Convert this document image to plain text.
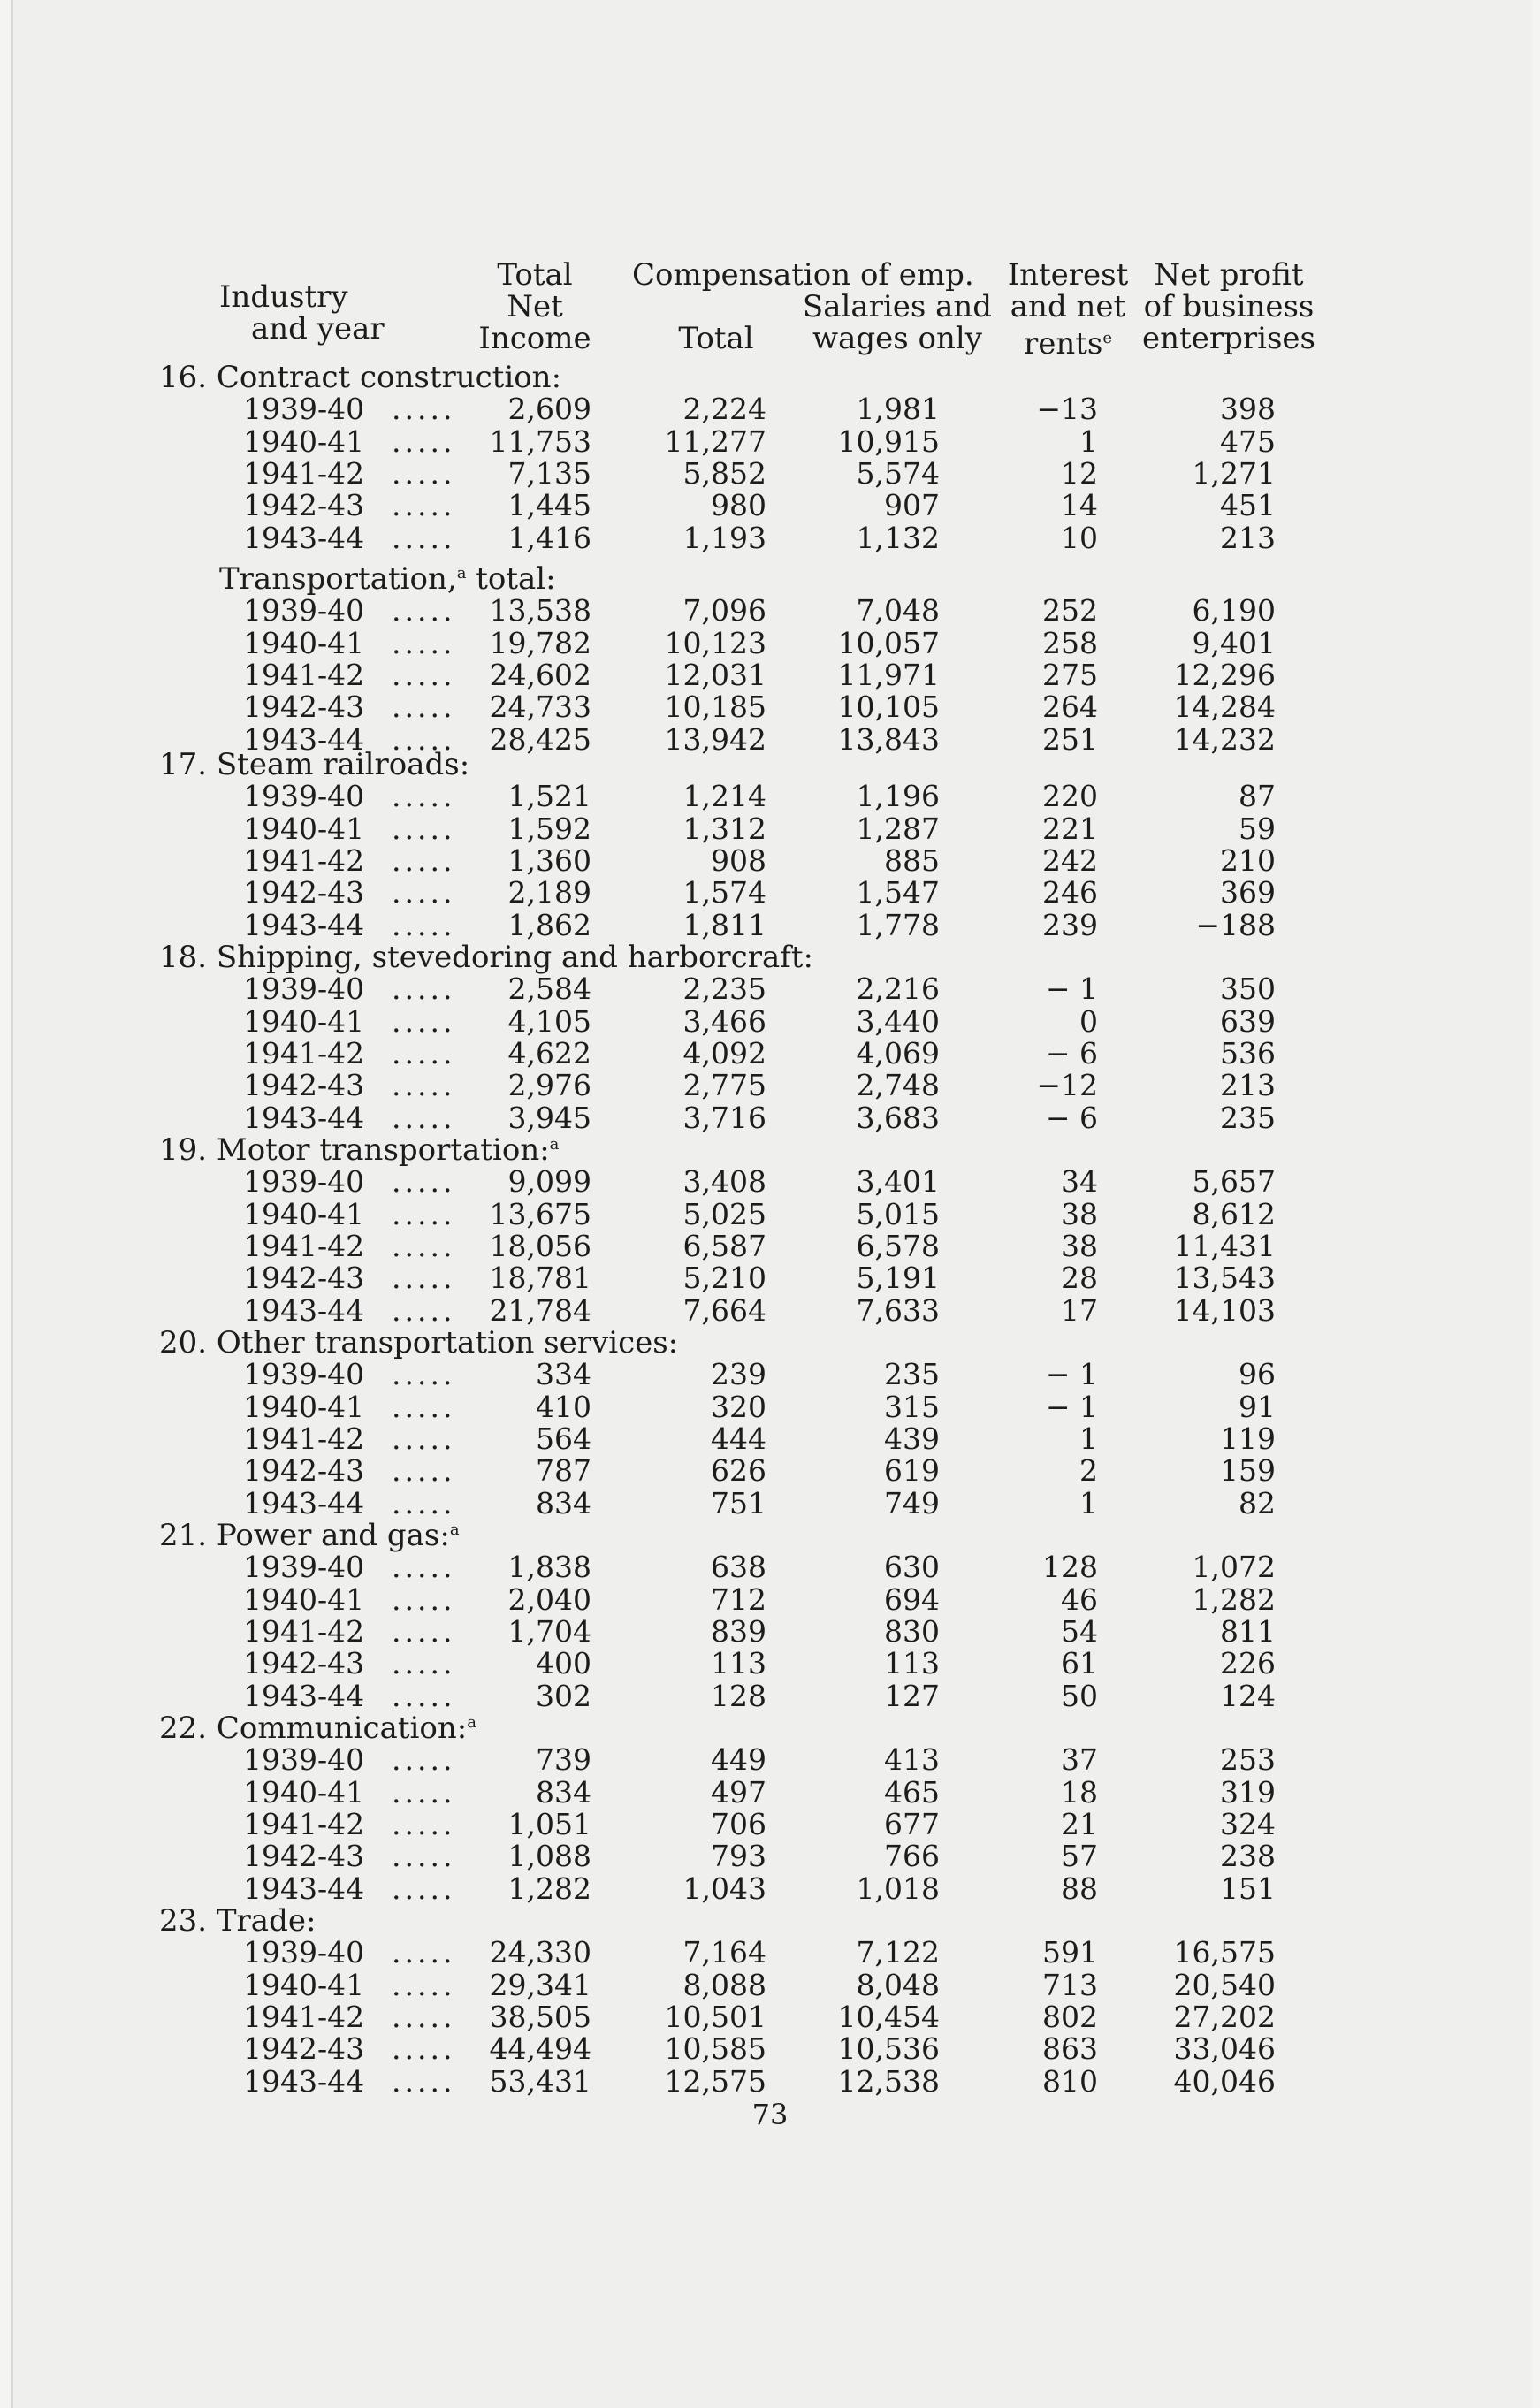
Industry
and year
Total
Net
Income
Compensation of emp.
Total
Salaries and
wages only
Interest
and net
rents$^e$
Net profit
of business
enterprises
16. Contract construction:
1939-40 ..... 2,609	2,224	1,981	−13	398
1940-41 ..... 11,753	11,277 10,915	1	475
1941-42 ..... 7,135	5,852	5,574	12	1,271
1942-43 ..... 1,445	980	907	14	451
1943-44 ..... 1,416	1,193	1,132	10	213
Transportation,$^a$ total:
1939-40 ..... 13,538	7,096	7,048	252	6,190
1940-41 ..... 19,782	10,123 10,057	258	9,401
1941-42 ..... 24,602	12,031 11,971	275	12,296
1942-43 ..... 24,733	10,185 10,105	264	14,284
1943-44 ..... 28,425	13,942 13,843	251	14,232
17. Steam railroads:
1939-40 ..... 1,521	1,214	1,196	220	87
1940-41 ..... 1,592	1,312	1,287	221	59
1941-42 ..... 1,360	908	885	242	210
1942-43 ..... 2,189	1,574	1,547	246	369
1943-44 ..... 1,862	1,811	1,778	239	−188
18. Shipping, stevedoring and harborcraft:
1939-40 ..... 2,584	2,235	2,216	− 1	350
1940-41 ..... 4,105	3,466	3,440	0	639
1941-42 ..... 4,622	4,092	4,069	− 6	536
1942-43 ..... 2,976	2,775	2,748	−12	213
1943-44 ..... 3,945	3,716	3,683	− 6	235
19. Motor transportation:$^a$
1939-40 ..... 9,099	3,408	3,401	34	5,657
1940-41 ..... 13,675	5,025	5,015	38	8,612
1941-42 ..... 18,056	6,587	6,578	38	11,431
1942-43 ..... 18,781	5,210	5,191	28	13,543
1943-44 ..... 21,784	7,664	7,633	17	14,103
20. Other transportation services:
1939-40 .....	334	239	235	− 1	96
1940-41 .....	410	320	315	− 1	91
1941-42 .....	564	444	439	1	119
1942-43 .....	787	626	619	2	159
1943-44 .....	834	751	749	1	82
21. Power and gas:$^a$
1939-40 ..... 1,838	638	630	128	1,072
1940-41 ..... 2,040	712	694	46	1,282
1941-42 ..... 1,704	839	830	54	811
1942-43 .....	400	113	113	61	226
1943-44 .....	302	128	127	50	124
22. Communication:$^a$
1939-40 .....	739	449	413	37	253
1940-41 .....	834	497	465	18	319
1941-42 ..... 1,051	706	677	21	324
1942-43 ..... 1,088	793	766	57	238
1943-44 ..... 1,282	1,043	1,018	88	151
23. Trade:
1939-40 ..... 24,330	7,164	7,122	591	16,575
1940-41 ..... 29,341	8,088	8,048	713	20,540
1941-42 ..... 38,505	10,501 10,454	802	27,202
1942-43 ..... 44,494	10,585 10,536	863	33,046
1943-44 ..... 53,431	12,575 12,538	810	40,046
73
